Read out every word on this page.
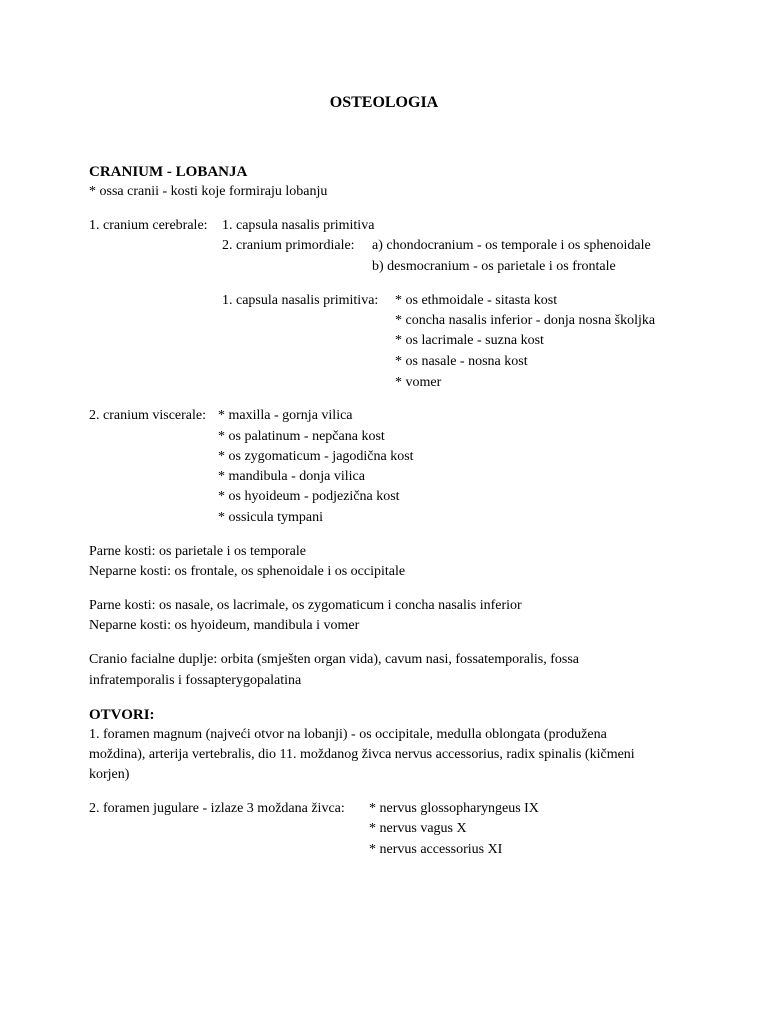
OSTEOLOGIA
CRANIUM - LOBANJA
* ossa cranii - kosti koje formiraju lobanju
1. cranium cerebrale: 1. capsula nasalis primitiva
2. cranium primordiale: a) chondocranium - os temporale i os sphenoidale
b) desmocranium - os parietale i os frontale
1. capsula nasalis primitiva: * os ethmoidale - sitasta kost
* concha nasalis inferior - donja nosna školjka
* os lacrimale - suzna kost
* os nasale - nosna kost
* vomer
2. cranium viscerale: * maxilla - gornja vilica
* os palatinum - nepčana kost
* os zygomaticum - jagodična kost
* mandibula - donja vilica
* os hyoideum - podjezična kost
* ossicula tympani
Parne kosti: os parietale i os temporale
Neparne kosti: os frontale, os sphenoidale i os occipitale
Parne kosti: os nasale, os lacrimale, os zygomaticum i concha nasalis inferior
Neparne kosti: os hyoideum, mandibula i vomer
Cranio facialne duplje: orbita (smješten organ vida), cavum nasi, fossatemporalis, fossa
infratemporalis i fossapterygopalatina
OTVORI:
1. foramen magnum (najveći otvor na lobanji) - os occipitale, medulla oblongata (produžena
moždina), arterija vertebralis, dio 11. moždanog živca nervus accessorius, radix spinalis (kičmeni
korjen)
2. foramen jugulare - izlaze 3 moždana živca: * nervus glossopharyngeus IX
* nervus vagus X
* nervus accessorius XI
